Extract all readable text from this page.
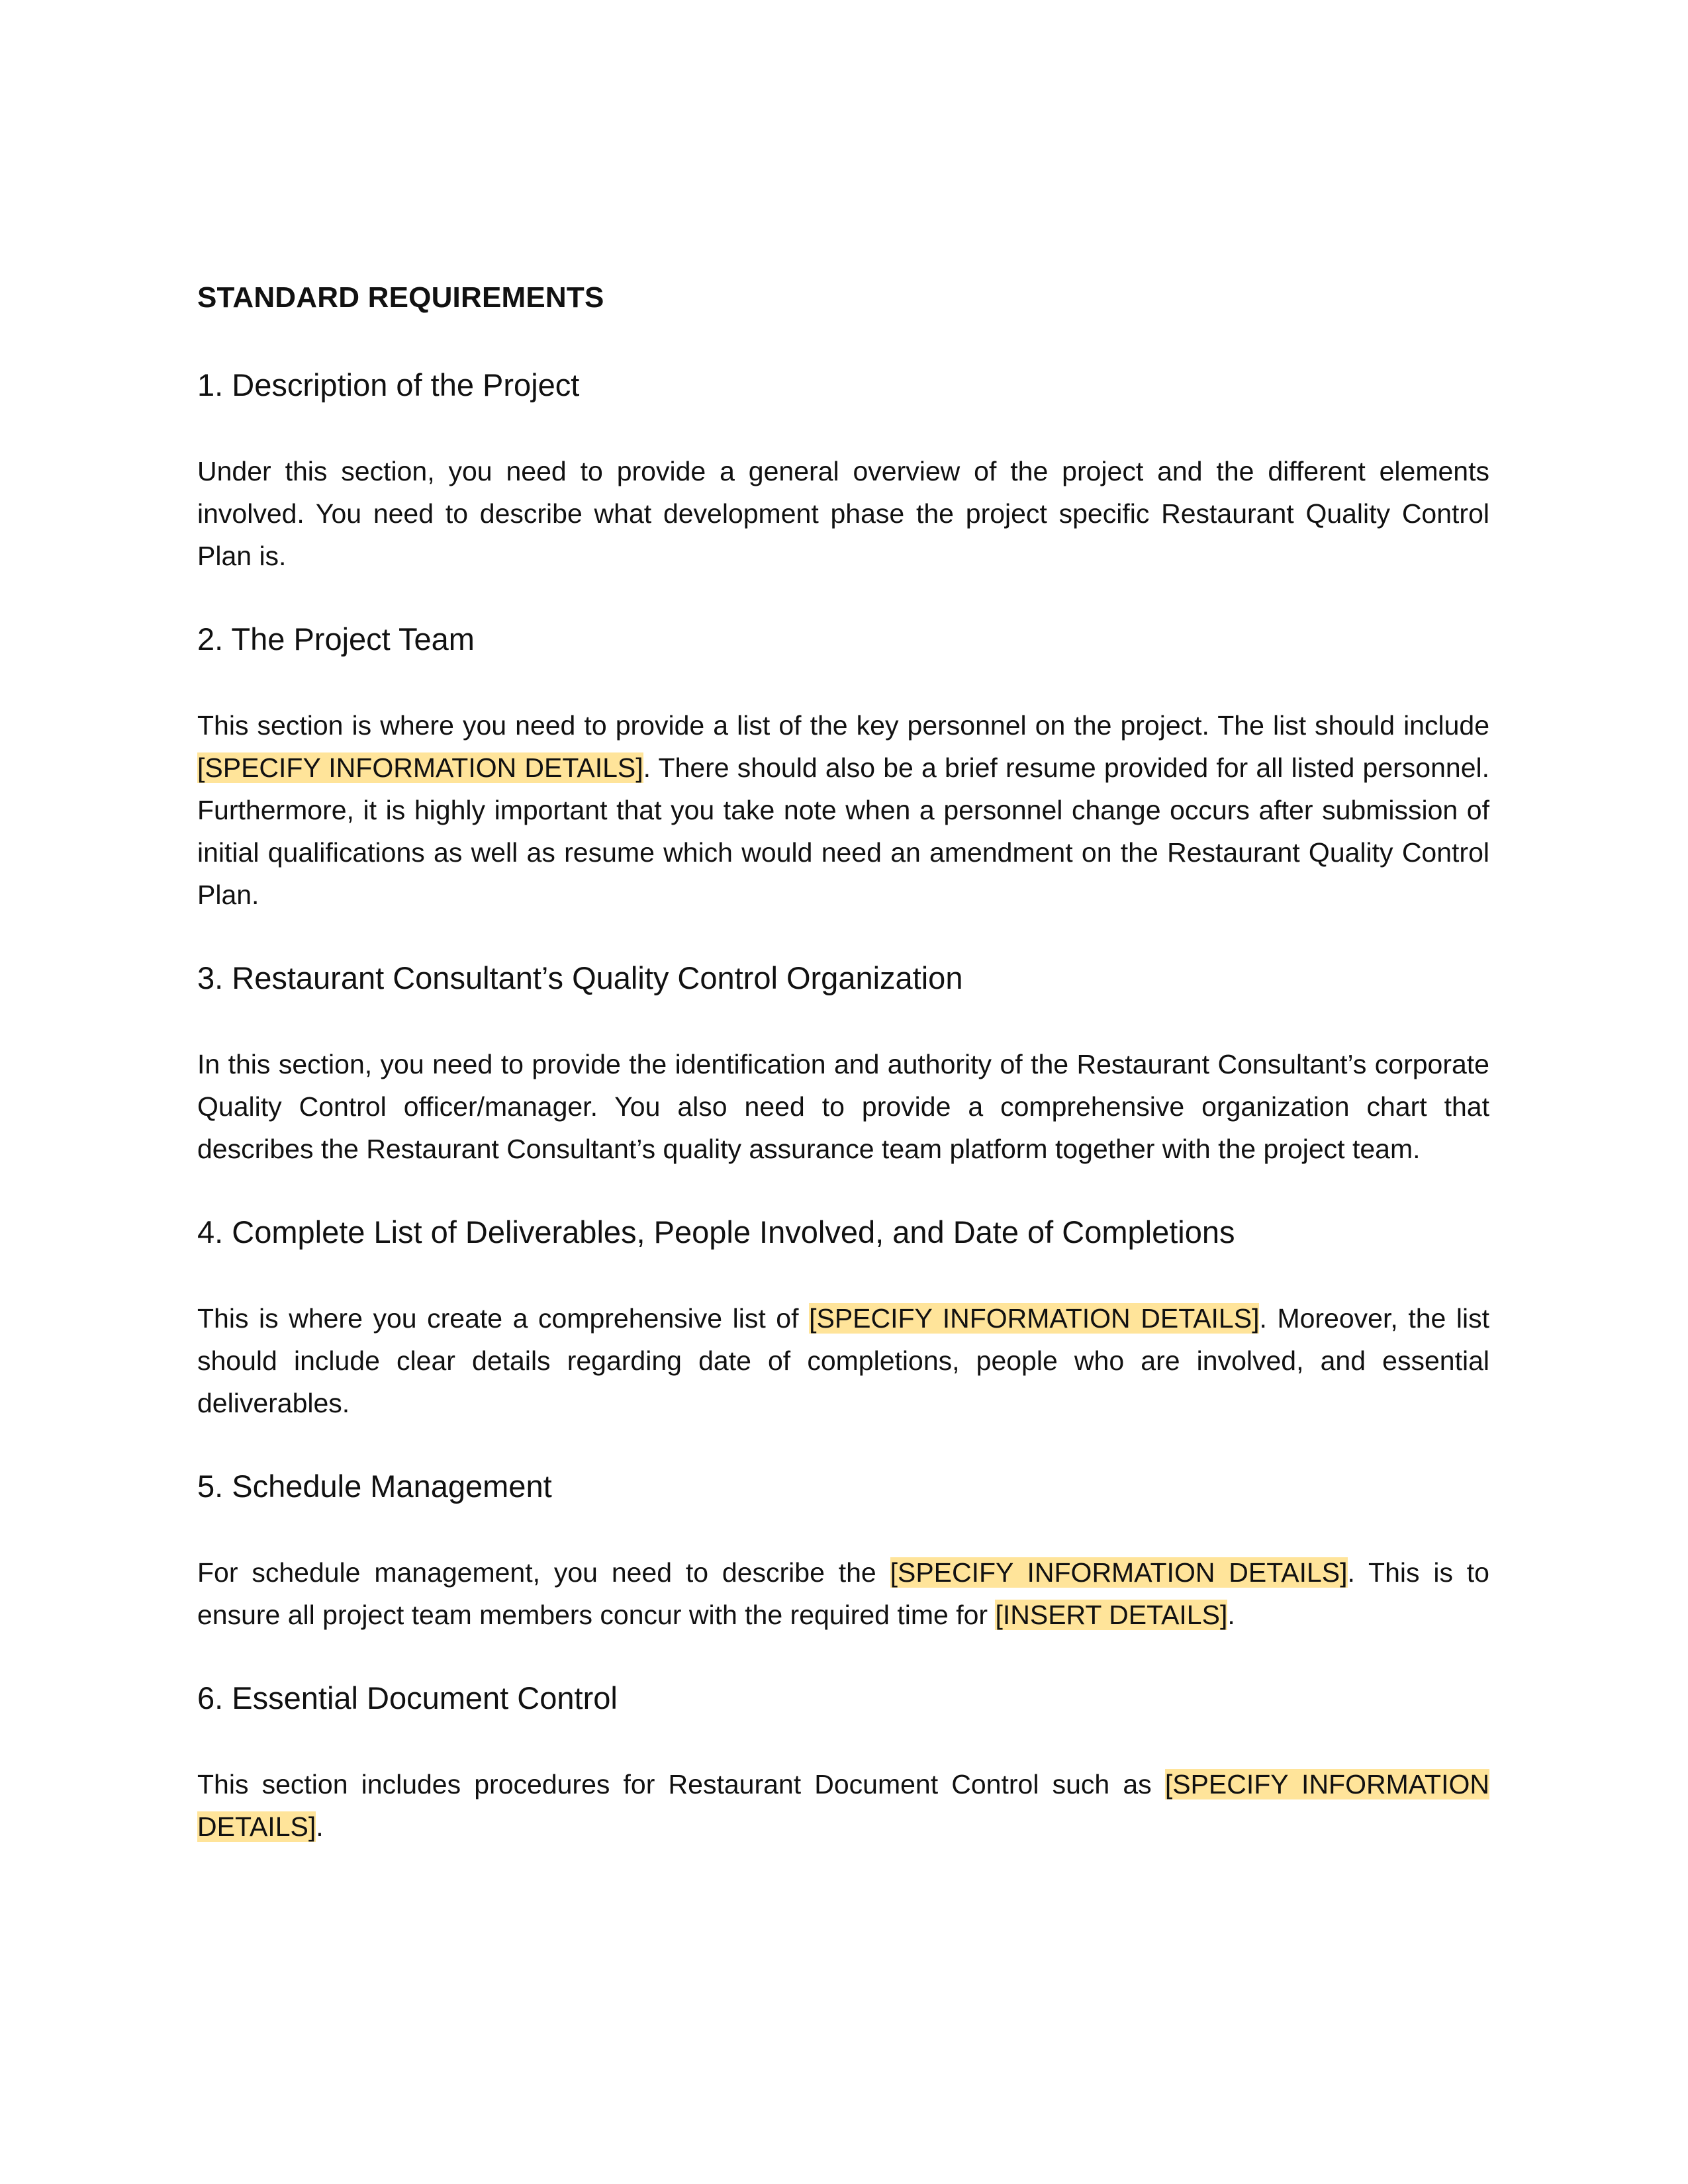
STANDARD REQUIREMENTS
1. Description of the Project

Under this section, you need to provide a general overview of the project and the different elements involved. You need to describe what development phase the project specific Restaurant Quality Control Plan is.

2. The Project Team

This section is where you need to provide a list of the key personnel on the project. The list should include [SPECIFY INFORMATION DETAILS]. There should also be a brief resume provided for all listed personnel. Furthermore, it is highly important that you take note when a personnel change occurs after submission of initial qualifications as well as resume which would need an amendment on the Restaurant Quality Control Plan.

3. Restaurant Consultant’s Quality Control Organization

In this section, you need to provide the identification and authority of the Restaurant Consultant’s corporate Quality Control officer/manager. You also need to provide a comprehensive organization chart that describes the Restaurant Consultant’s quality assurance team platform together with the project team.

4. Complete List of Deliverables, People Involved, and Date of Completions

This is where you create a comprehensive list of [SPECIFY INFORMATION DETAILS]. Moreover, the list should include clear details regarding date of completions, people who are involved, and essential deliverables.

5. Schedule Management

For schedule management, you need to describe the [SPECIFY INFORMATION DETAILS]. This is to ensure all project team members concur with the required time for [INSERT DETAILS].

6. Essential Document Control

This section includes procedures for Restaurant Document Control such as [SPECIFY INFORMATION DETAILS].
